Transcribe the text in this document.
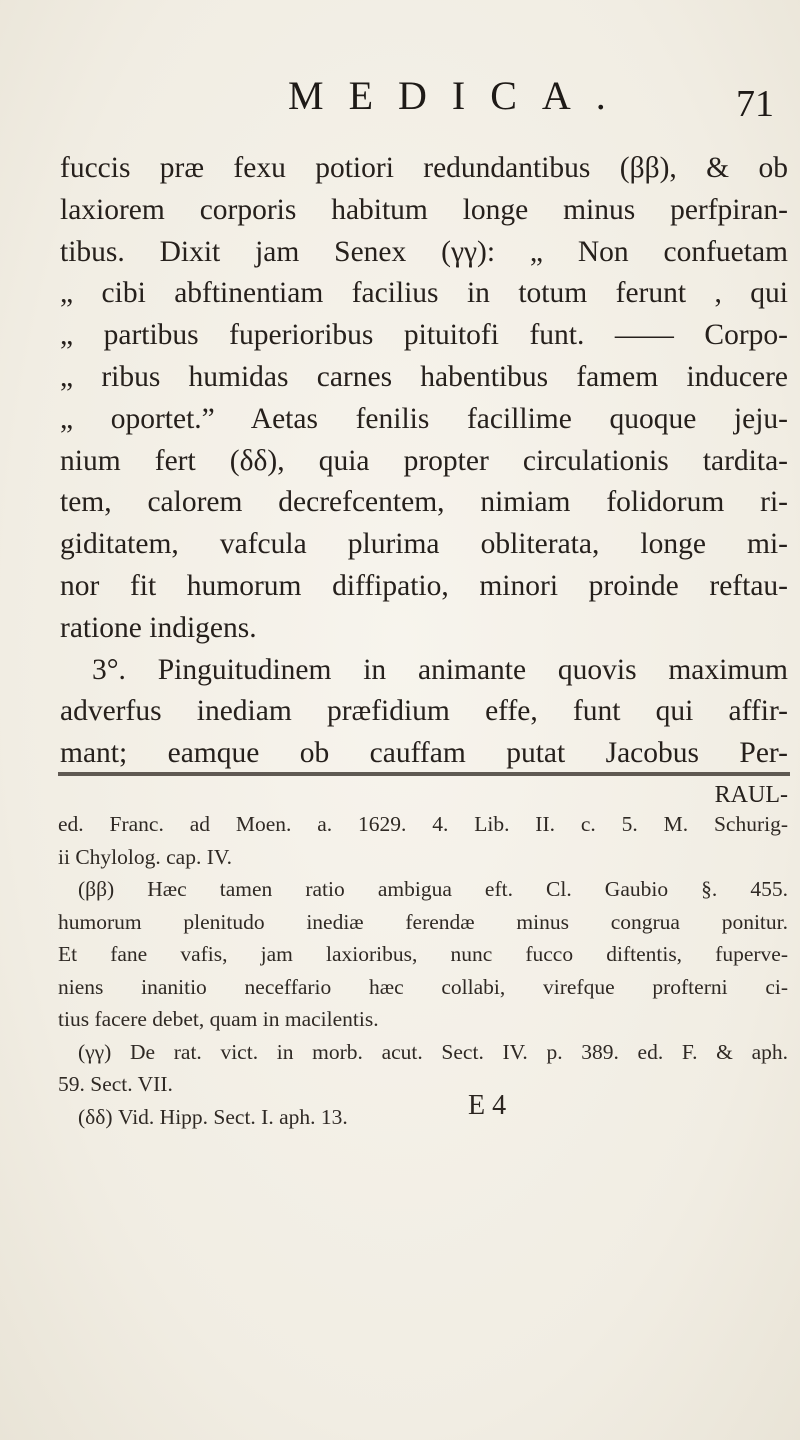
MEDICA.	71
fuccis præ fexu potiori redundantibus (ββ), & ob
laxiorem corporis habitum longe minus perfpiran-
tibus. Dixit jam Senex (γγ): „ Non confuetam
„ cibi abftinentiam facilius in totum ferunt , qui
„ partibus fuperioribus pituitofi funt. —— Corpo-
„ ribus humidas carnes habentibus famem inducere
„ oportet.” Aetas fenilis facillime quoque jeju-
nium fert (δδ), quia propter circulationis tardita-
tem, calorem decrefcentem, nimiam folidorum ri-
giditatem, vafcula plurima obliterata, longe mi-
nor fit humorum diffipatio, minori proinde reftau-
ratione indigens.
3°. Pinguitudinem in animante quovis maximum
adverfus inediam præfidium effe, funt qui affir-
mant; eamque ob cauffam putat Jacobus Per-
RAUL-
ed. Franc. ad Moen. a. 1629. 4. Lib. II. c. 5. M. Schurig-
ii Chylolog. cap. IV.
(ββ) Hæc tamen ratio ambigua eft. Cl. Gaubio §. 455.
humorum plenitudo inediæ ferendæ minus congrua ponitur.
Et fane vafis, jam laxioribus, nunc fucco diftentis, fuperve-
niens inanitio neceffario hæc collabi, virefque profterni ci-
tius facere debet, quam in macilentis.
(γγ) De rat. vict. in morb. acut. Sect. IV. p. 389. ed. F. & aph.
59. Sect. VII.
(δδ) Vid. Hipp. Sect. I. aph. 13.	E 4
